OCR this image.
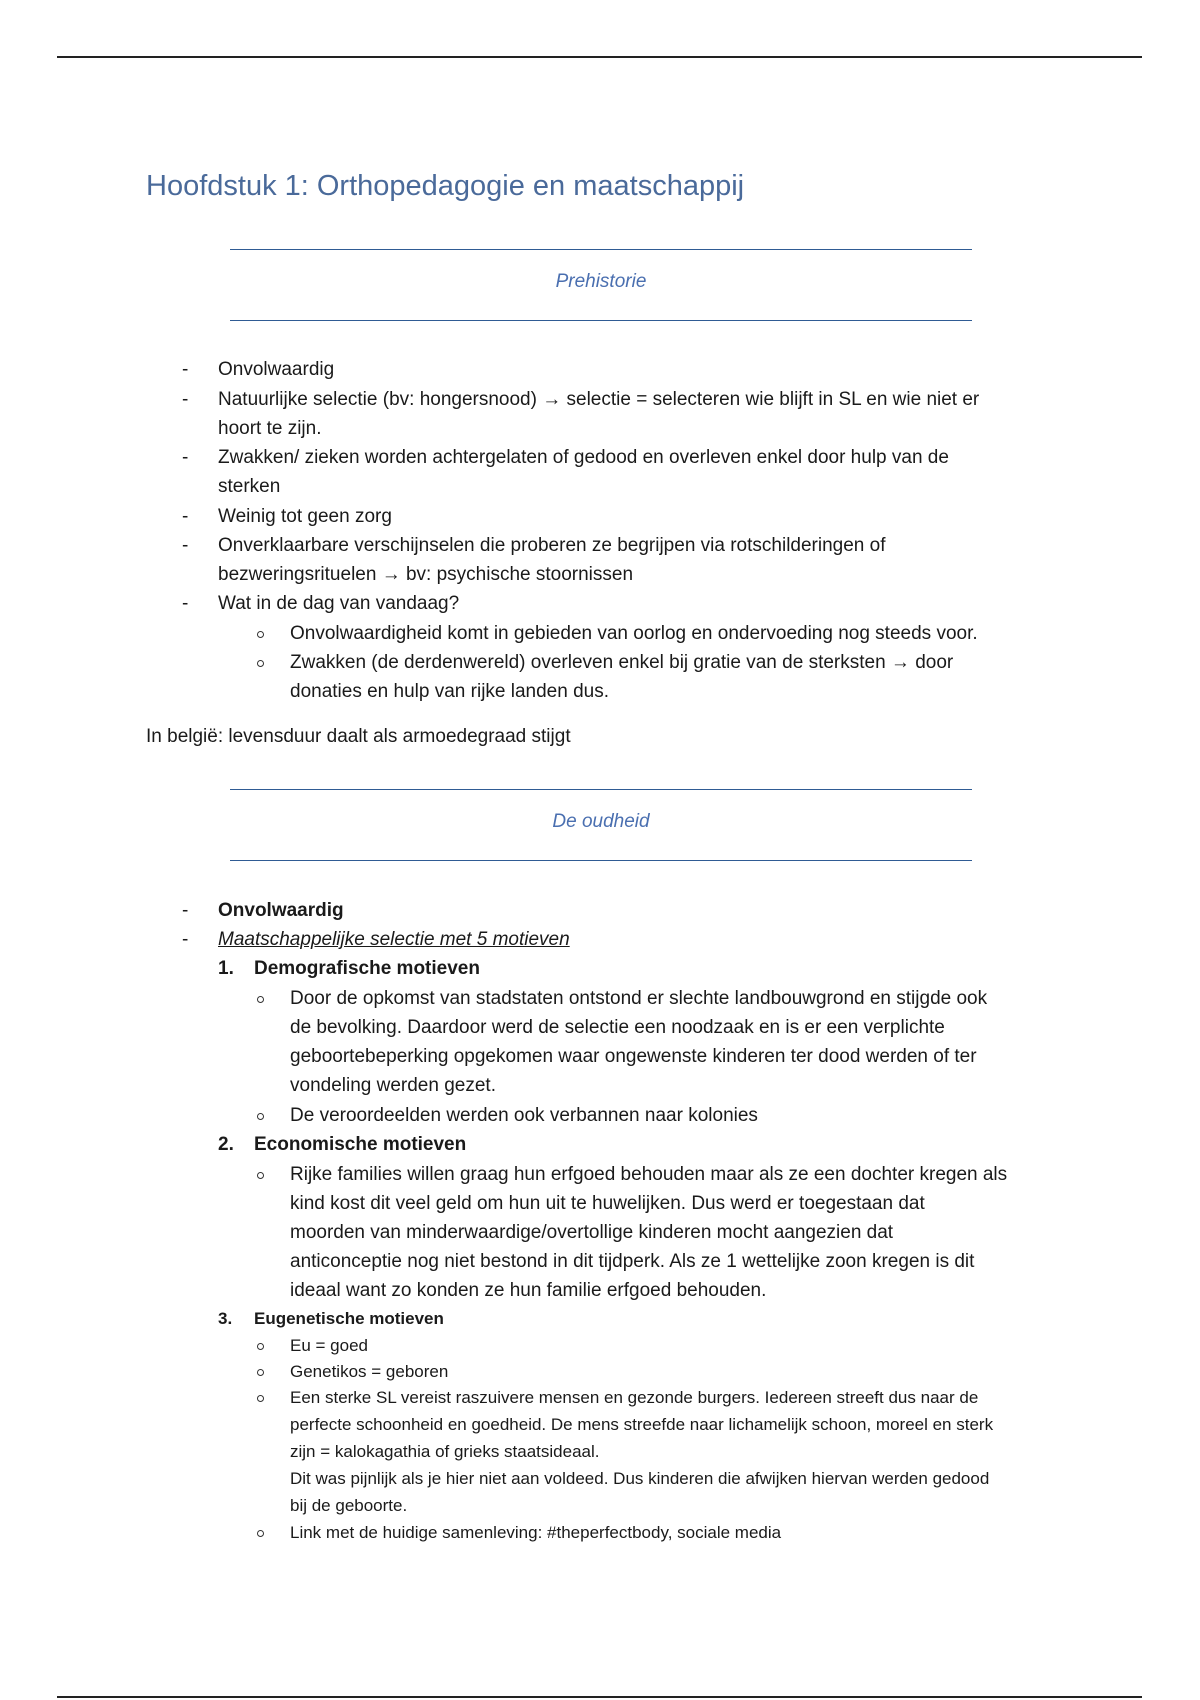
Hoofdstuk 1: Orthopedagogie en maatschappij
Prehistorie
- Onvolwaardig
- Natuurlijke selectie (bv: hongersnood) → selectie = selecteren wie blijft in SL en wie niet er
hoort te zijn.
- Zwakken/ zieken worden achtergelaten of gedood en overleven enkel door hulp van de
sterken
- Weinig tot geen zorg
- Onverklaarbare verschijnselen die proberen ze begrijpen via rotschilderingen of
bezweringsrituelen → bv: psychische stoornissen
- Wat in de dag van vandaag?
Onvolwaardigheid komt in gebieden van oorlog en ondervoeding nog steeds voor.
Zwakken (de derdenwereld) overleven enkel bij gratie van de sterksten → door
donaties en hulp van rijke landen dus.
In belgië: levensduur daalt als armoedegraad stijgt
De oudheid
- Onvolwaardig
- Maatschappelijke selectie met 5 motieven
1. Demografische motieven
Door de opkomst van stadstaten ontstond er slechte landbouwgrond en stijgde ook
de bevolking. Daardoor werd de selectie een noodzaak en is er een verplichte
geboortebeperking opgekomen waar ongewenste kinderen ter dood werden of ter
vondeling werden gezet.
De veroordeelden werden ook verbannen naar kolonies
2. Economische motieven
Rijke families willen graag hun erfgoed behouden maar als ze een dochter kregen als
kind kost dit veel geld om hun uit te huwelijken. Dus werd er toegestaan dat
moorden van minderwaardige/overtollige kinderen mocht aangezien dat
anticonceptie nog niet bestond in dit tijdperk. Als ze 1 wettelijke zoon kregen is dit
ideaal want zo konden ze hun familie erfgoed behouden.
3. Eugenetische motieven
Eu = goed
Genetikos = geboren
Een sterke SL vereist raszuivere mensen en gezonde burgers. Iedereen streeft dus naar de
perfecte schoonheid en goedheid. De mens streefde naar lichamelijk schoon, moreel en sterk
zijn = kalokagathia of grieks staatsideaal.
Dit was pijnlijk als je hier niet aan voldeed. Dus kinderen die afwijken hiervan werden gedood
bij de geboorte.
Link met de huidige samenleving: #theperfectbody, sociale media
